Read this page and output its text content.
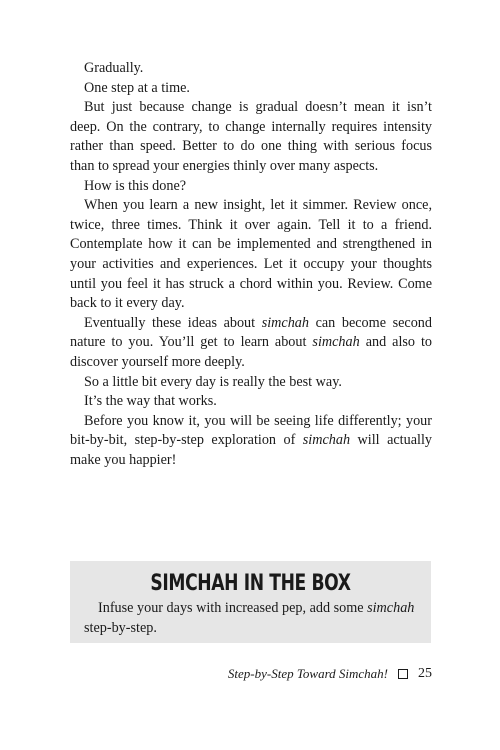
Gradually.

One step at a time.

But just because change is gradual doesn’t mean it isn’t deep. On the contrary, to change internally requires intensity rather than speed. Better to do one thing with serious focus than to spread your energies thinly over many aspects.

How is this done?

When you learn a new insight, let it simmer. Review once, twice, three times. Think it over again. Tell it to a friend. Contemplate how it can be implemented and strengthened in your activities and experiences. Let it occupy your thoughts until you feel it has struck a chord within you. Review. Come back to it every day.

Eventually these ideas about simchah can become second nature to you. You’ll get to learn about simchah and also to discover yourself more deeply.

So a little bit every day is really the best way.

It’s the way that works.

Before you know it, you will be seeing life differently; your bit-by-bit, step-by-step exploration of simchah will actually make you happier!

SIMCHAH IN THE BOX

Infuse your days with increased pep, add some simchah step-by-step.

Step-by-Step Toward Simchah! 25
